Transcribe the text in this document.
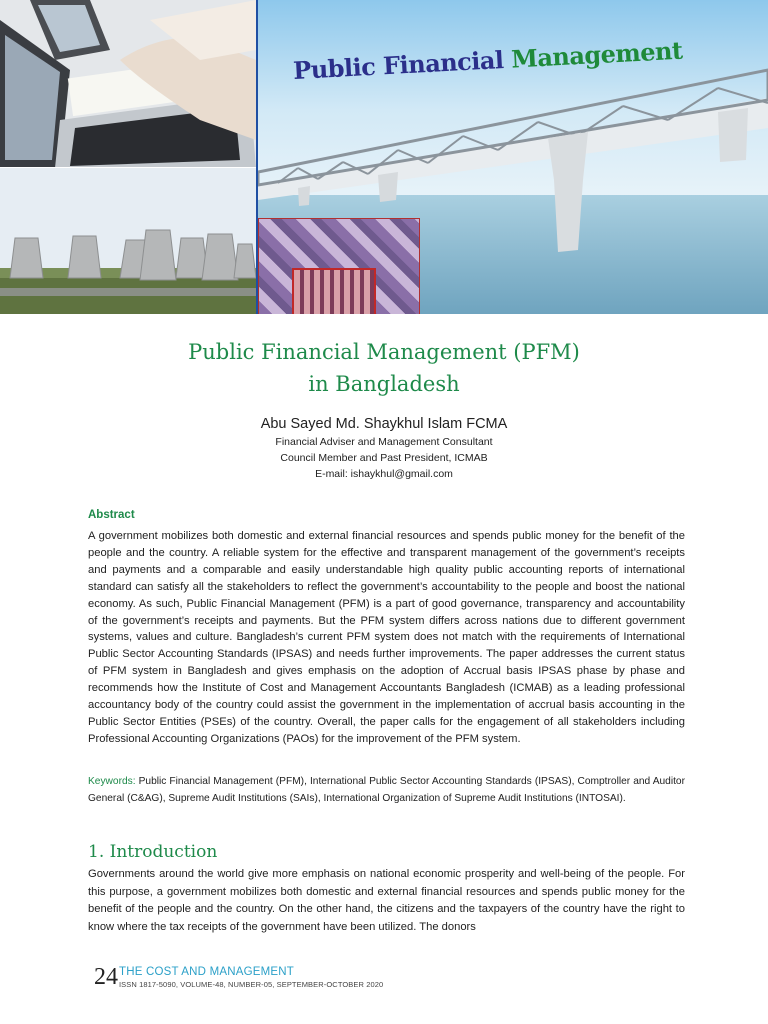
Public Financial Management
Public Financial Management (PFM)
in Bangladesh
Abu Sayed Md. Shaykhul Islam FCMA
Financial Adviser and Management Consultant
Council Member and Past President, ICMAB
E-mail: ishaykhul@gmail.com
Abstract

A government mobilizes both domestic and external financial resources and spends public money for the benefit of the people and the country. A reliable system for the effective and transparent management of the government’s receipts and payments and a comparable and easily understandable high quality public accounting reports of international standard can satisfy all the stakeholders to reflect the government’s accountability to the people and boost the national economy. As such, Public Financial Management (PFM) is a part of good governance, transparency and accountability of the government’s receipts and payments. But the PFM system differs across nations due to different government systems, values and culture. Bangladesh’s current PFM system does not match with the requirements of International Public Sector Accounting Standards (IPSAS) and needs further improvements. The paper addresses the current status of PFM system in Bangladesh and gives emphasis on the adoption of Accrual basis IPSAS phase by phase and recommends how the Institute of Cost and Management Accountants Bangladesh (ICMAB) as a leading professional accountancy body of the country could assist the government in the implementation of accrual basis accounting in the Public Sector Entities (PSEs) of the country. Overall, the paper calls for the engagement of all stakeholders including Professional Accounting Organizations (PAOs) for the improvement of the PFM system.

Keywords: Public Financial Management (PFM), International Public Sector Accounting Standards (IPSAS), Comptroller and Auditor General (C&AG), Supreme Audit Institutions (SAIs), International Organization of Supreme Audit Institutions (INTOSAI).

1. Introduction

Governments around the world give more emphasis on national economic prosperity and well-being of the people. For this purpose, a government mobilizes both domestic and external financial resources and spends public money for the benefit of the people and the country. On the other hand, the citizens and the taxpayers of the country have the right to know where the tax receipts of the government have been utilized. The donors

24 THE COST AND MANAGEMENT
ISSN 1817-5090, VOLUME-48, NUMBER-05, SEPTEMBER-OCTOBER 2020
